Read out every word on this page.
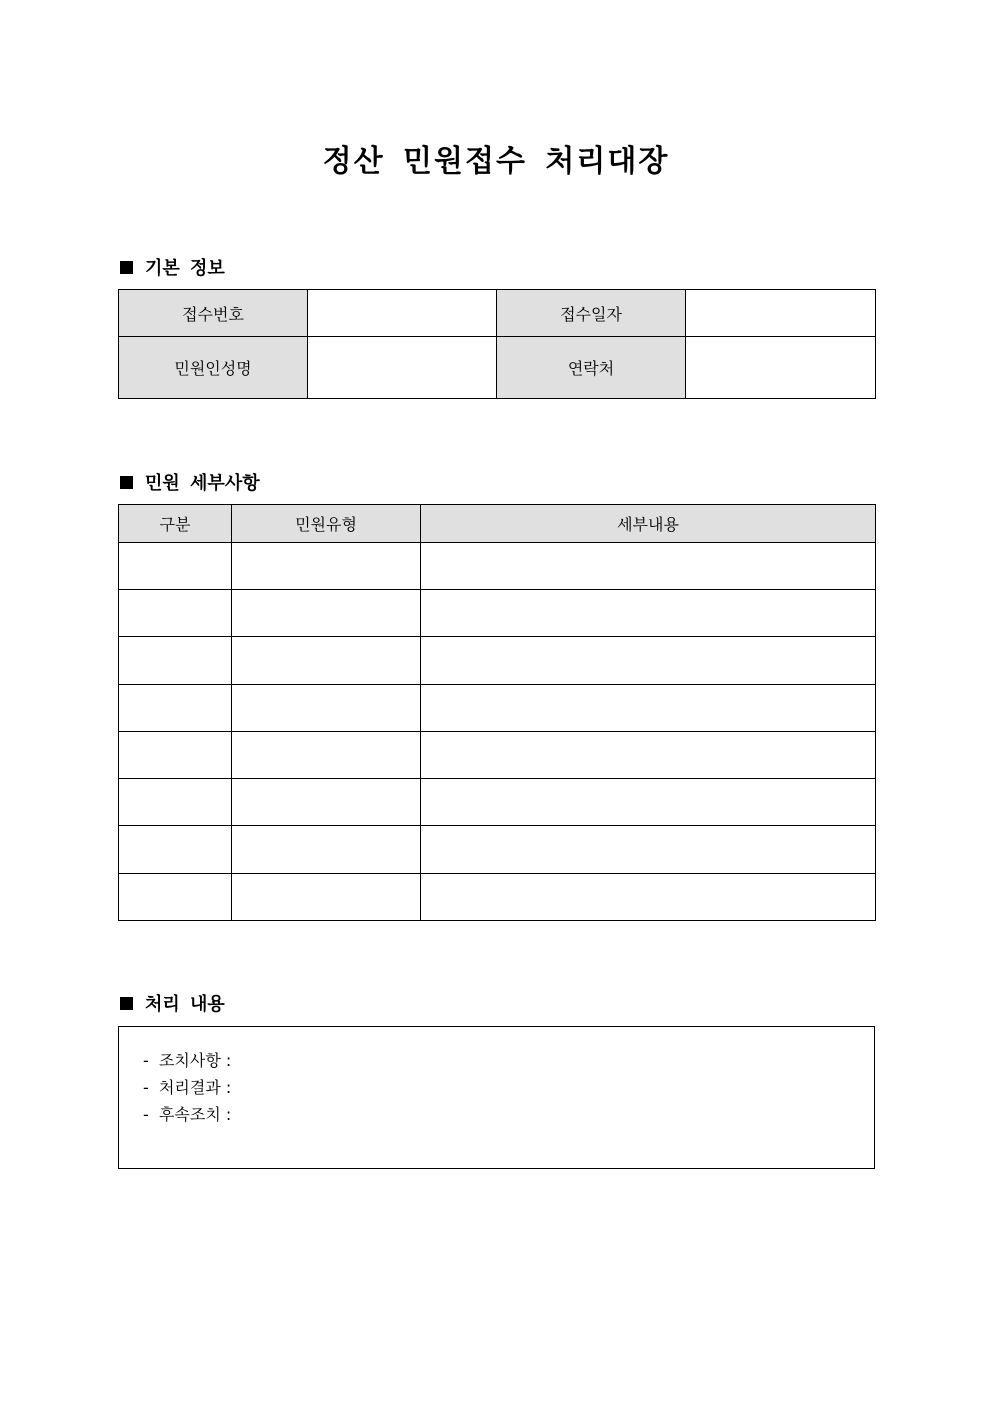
정산 민원접수 처리대장
기본 정보
접수번호		접수일자	
민원인성명		연락처	
민원 세부사항
구분	민원유형	세부내용

처리 내용
-  조치사항 :
-  처리결과 :
-  후속조치 :
